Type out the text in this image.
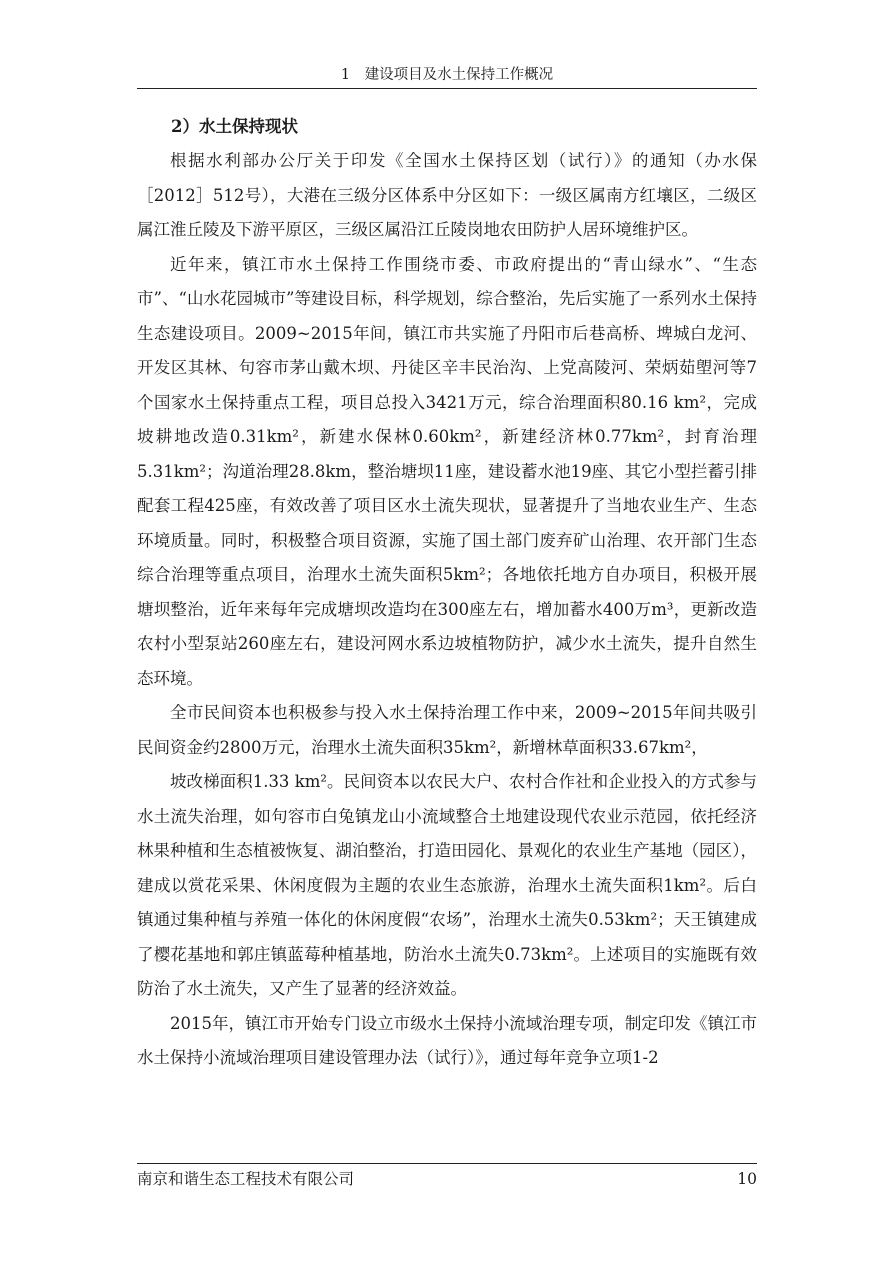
1　建设项目及水土保持工作概况

2）水土保持现状

根据水利部办公厅关于印发《全国水土保持区划（试行）》的通知（办水保［2012］512号），大港在三级分区体系中分区如下：一级区属南方红壤区，二级区属江淮丘陵及下游平原区，三级区属沿江丘陵岗地农田防护人居环境维护区。

近年来，镇江市水土保持工作围绕市委、市政府提出的“青山绿水”、“生态市”、“山水花园城市”等建设目标，科学规划，综合整治，先后实施了一系列水土保持生态建设项目。2009~2015年间，镇江市共实施了丹阳市后巷高桥、埤城白龙河、开发区其林、句容市茅山戴木坝、丹徒区辛丰民治沟、上党高陵河、荣炳茹塱河等7个国家水土保持重点工程，项目总投入3421万元，综合治理面积80.16 km²，完成坡耕地改造0.31km²，新建水保林0.60km²，新建经济林0.77km²，封育治理5.31km²；沟道治理28.8km，整治塘坝11座，建设蓄水池19座、其它小型拦蓄引排配套工程425座，有效改善了项目区水土流失现状，显著提升了当地农业生产、生态环境质量。同时，积极整合项目资源，实施了国土部门废弃矿山治理、农开部门生态综合治理等重点项目，治理水土流失面积5km²；各地依托地方自办项目，积极开展塘坝整治，近年来每年完成塘坝改造均在300座左右，增加蓄水400万m³，更新改造农村小型泵站260座左右，建设河网水系边坡植物防护，减少水土流失，提升自然生态环境。

全市民间资本也积极参与投入水土保持治理工作中来，2009~2015年间共吸引民间资金约2800万元，治理水土流失面积35km²，新增林草面积33.67km²，

坡改梯面积1.33 km²。民间资本以农民大户、农村合作社和企业投入的方式参与水土流失治理，如句容市白兔镇龙山小流域整合土地建设现代农业示范园，依托经济林果种植和生态植被恢复、湖泊整治，打造田园化、景观化的农业生产基地（园区），建成以赏花采果、休闲度假为主题的农业生态旅游，治理水土流失面积1km²。后白镇通过集种植与养殖一体化的休闲度假“农场”，治理水土流失0.53km²；天王镇建成了樱花基地和郭庄镇蓝莓种植基地，防治水土流失0.73km²。上述项目的实施既有效防治了水土流失，又产生了显著的经济效益。

2015年，镇江市开始专门设立市级水土保持小流域治理专项，制定印发《镇江市水土保持小流域治理项目建设管理办法（试行）》，通过每年竞争立项1-2

南京和谐生态工程技术有限公司	10
